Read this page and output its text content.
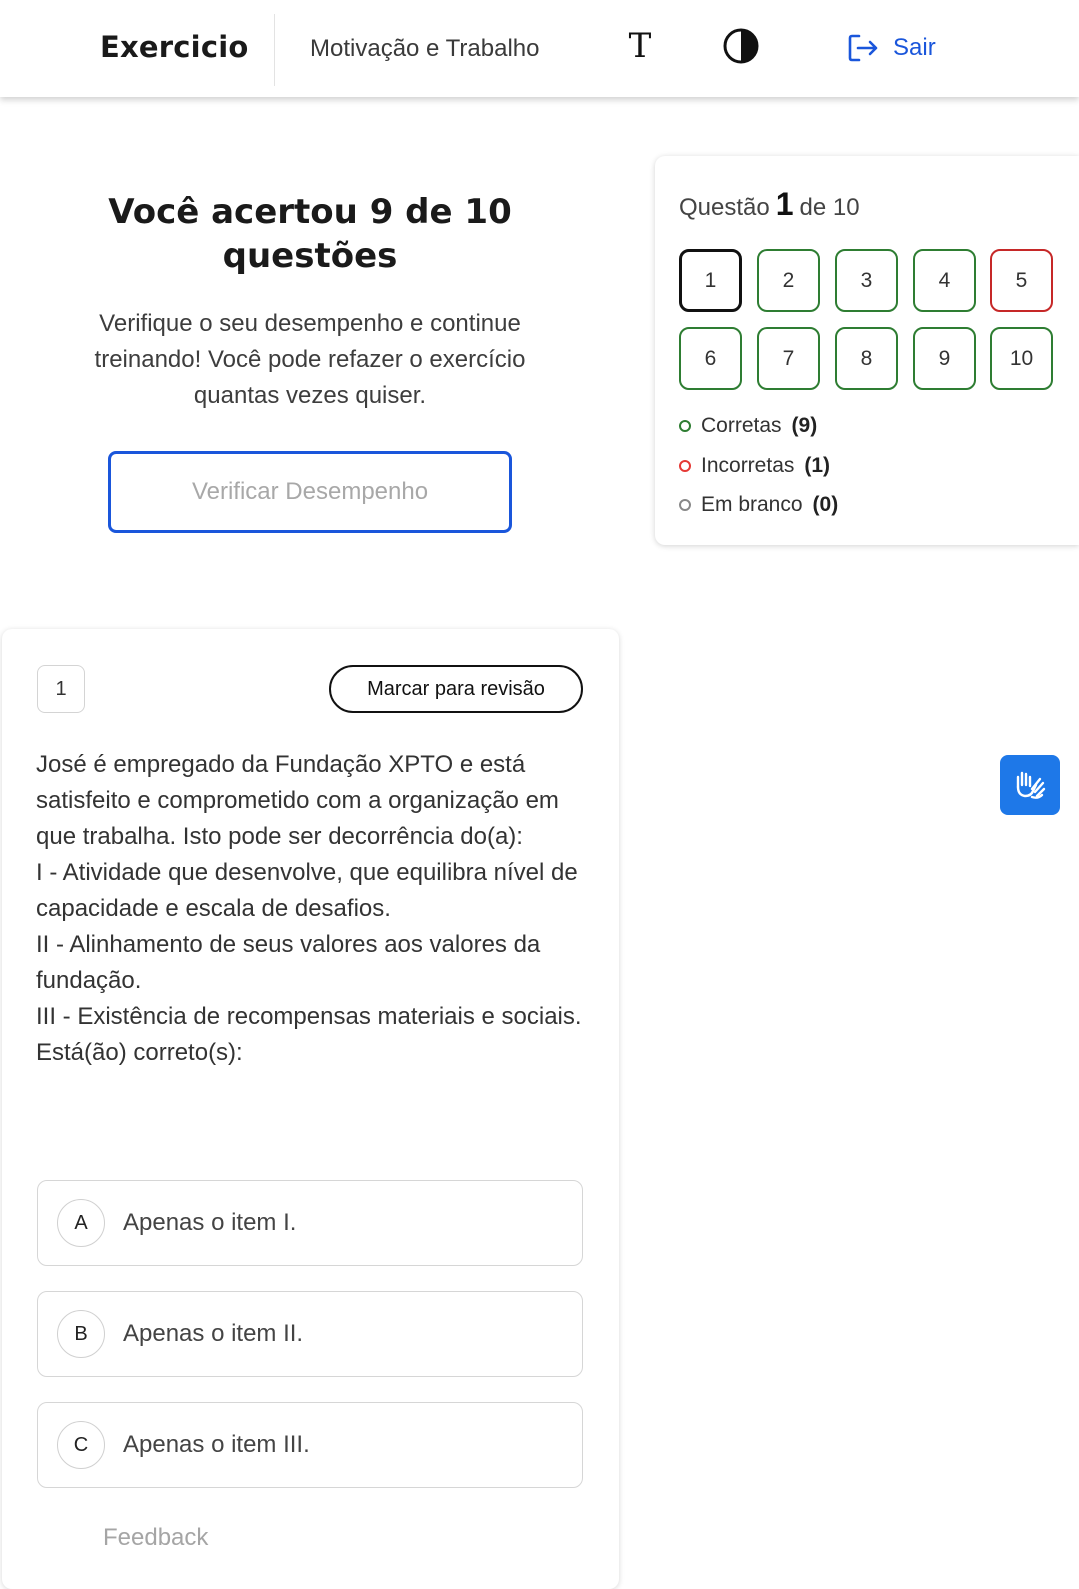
Exercicio	Motivação e Trabalho	T	Sair
Você acertou 9 de 10 questões
Verifique o seu desempenho e continue treinando! Você pode refazer o exercício quantas vezes quiser.
Verificar Desempenho
Questão 1 de 10
1	2	3	4	5
6	7	8	9	10
Corretas (9)
Incorretas (1)
Em branco (0)
1	Marcar para revisão

José é empregado da Fundação XPTO e está satisfeito e comprometido com a organização em que trabalha. Isto pode ser decorrência do(a):

I - Atividade que desenvolve, que equilibra nível de capacidade e escala de desafios.

II - Alinhamento de seus valores aos valores da fundação.

III - Existência de recompensas materiais e sociais.

Está(ão) correto(s):

A	Apenas o item I.
B	Apenas o item II.
C	Apenas o item III.
Feedback
